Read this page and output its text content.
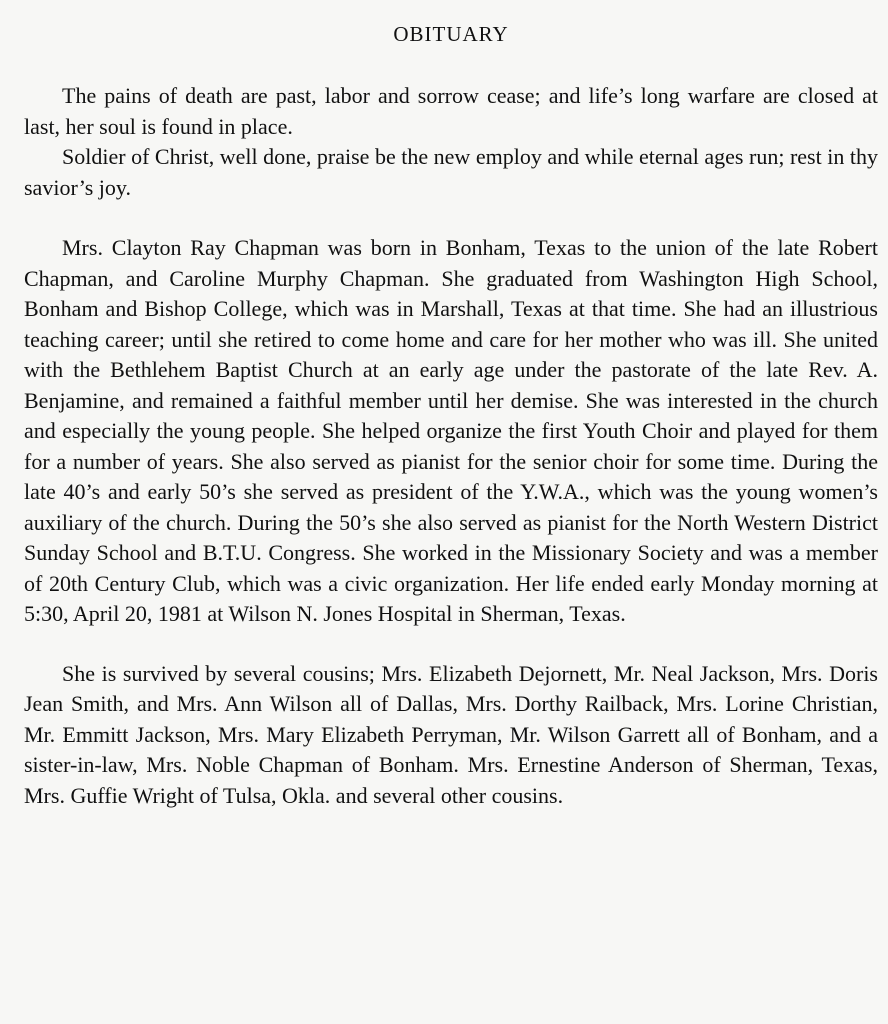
OBITUARY

The pains of death are past, labor and sorrow cease; and life’s long warfare are closed at last, her soul is found in place.

Soldier of Christ, well done, praise be the new employ and while eternal ages run; rest in thy savior’s joy.

Mrs. Clayton Ray Chapman was born in Bonham, Texas to the union of the late Robert Chapman, and Caroline Murphy Chapman. She graduated from Washington High School, Bonham and Bishop College, which was in Marshall, Texas at that time. She had an illustrious teaching career; until she retired to come home and care for her mother who was ill. She united with the Bethlehem Baptist Church at an early age under the pastorate of the late Rev. A. Benjamine, and remained a faithful member until her demise. She was interested in the church and especially the young people. She helped organize the first Youth Choir and played for them for a number of years. She also served as pianist for the senior choir for some time. During the late 40’s and early 50’s she served as president of the Y.W.A., which was the young women’s auxiliary of the church. During the 50’s she also served as pianist for the North Western District Sunday School and B.T.U. Congress. She worked in the Missionary Society and was a member of 20th Century Club, which was a civic organization. Her life ended early Monday morning at 5:30, April 20, 1981 at Wilson N. Jones Hospital in Sherman, Texas.

She is survived by several cousins; Mrs. Elizabeth Dejornett, Mr. Neal Jackson, Mrs. Doris Jean Smith, and Mrs. Ann Wilson all of Dallas, Mrs. Dorthy Railback, Mrs. Lorine Christian, Mr. Emmitt Jackson, Mrs. Mary Elizabeth Perryman, Mr. Wilson Garrett all of Bonham, and a sister-in-law, Mrs. Noble Chapman of Bonham. Mrs. Ernestine Anderson of Sherman, Texas, Mrs. Guffie Wright of Tulsa, Okla. and several other cousins.
